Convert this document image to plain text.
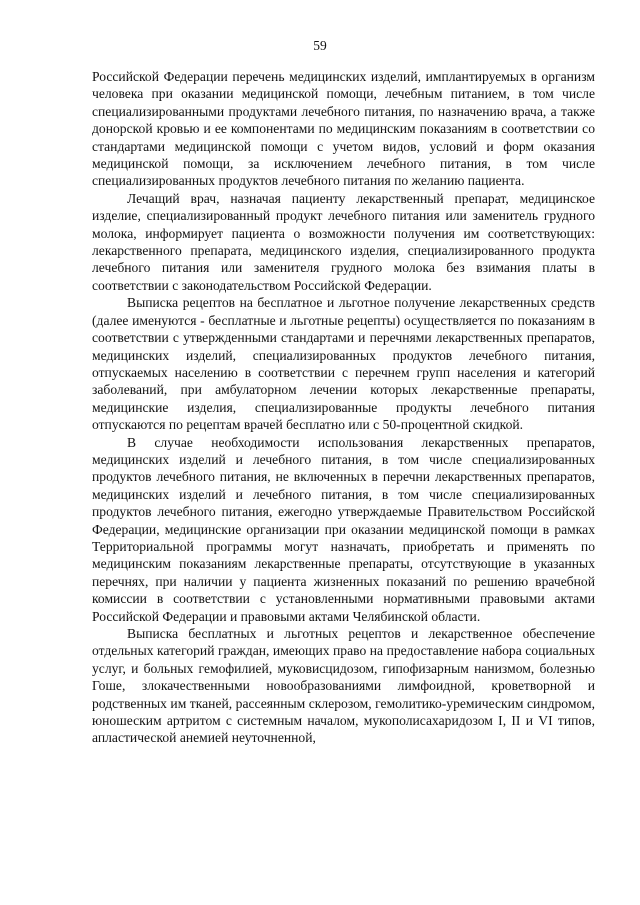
59

Российской Федерации перечень медицинских изделий, имплантируемых в организм человека при оказании медицинской помощи, лечебным питанием, в том числе специализированными продуктами лечебного питания, по назначению врача, а также донорской кровью и ее компонентами по медицинским показаниям в соответствии со стандартами медицинской помощи с учетом видов, условий и форм оказания медицинской помощи, за исключением лечебного питания, в том числе специализированных продуктов лечебного питания по желанию пациента.

Лечащий врач, назначая пациенту лекарственный препарат, медицинское изделие, специализированный продукт лечебного питания или заменитель грудного молока, информирует пациента о возможности получения им соответствующих: лекарственного препарата, медицинского изделия, специализированного продукта лечебного питания или заменителя грудного молока без взимания платы в соответствии с законодательством Российской Федерации.

Выписка рецептов на бесплатное и льготное получение лекарственных средств (далее именуются - бесплатные и льготные рецепты) осуществляется по показаниям в соответствии с утвержденными стандартами и перечнями лекарственных препаратов, медицинских изделий, специализированных продуктов лечебного питания, отпускаемых населению в соответствии с перечнем групп населения и категорий заболеваний, при амбулаторном лечении которых лекарственные препараты, медицинские изделия, специализированные продукты лечебного питания отпускаются по рецептам врачей бесплатно или с 50-процентной скидкой.

В случае необходимости использования лекарственных препаратов, медицинских изделий и лечебного питания, в том числе специализированных продуктов лечебного питания, не включенных в перечни лекарственных препаратов, медицинских изделий и лечебного питания, в том числе специализированных продуктов лечебного питания, ежегодно утверждаемые Правительством Российской Федерации, медицинские организации при оказании медицинской помощи в рамках Территориальной программы могут назначать, приобретать и применять по медицинским показаниям лекарственные препараты, отсутствующие в указанных перечнях, при наличии у пациента жизненных показаний по решению врачебной комиссии в соответствии с установленными нормативными правовыми актами Российской Федерации и правовыми актами Челябинской области.

Выписка бесплатных и льготных рецептов и лекарственное обеспечение отдельных категорий граждан, имеющих право на предоставление набора социальных услуг, и больных гемофилией, муковисцидозом, гипофизарным нанизмом, болезнью Гоше, злокачественными новообразованиями лимфоидной, кроветворной и родственных им тканей, рассеянным склерозом, гемолитико-уремическим синдромом, юношеским артритом с системным началом, мукополисахаридозом I, II и VI типов, апластической анемией неуточненной,
